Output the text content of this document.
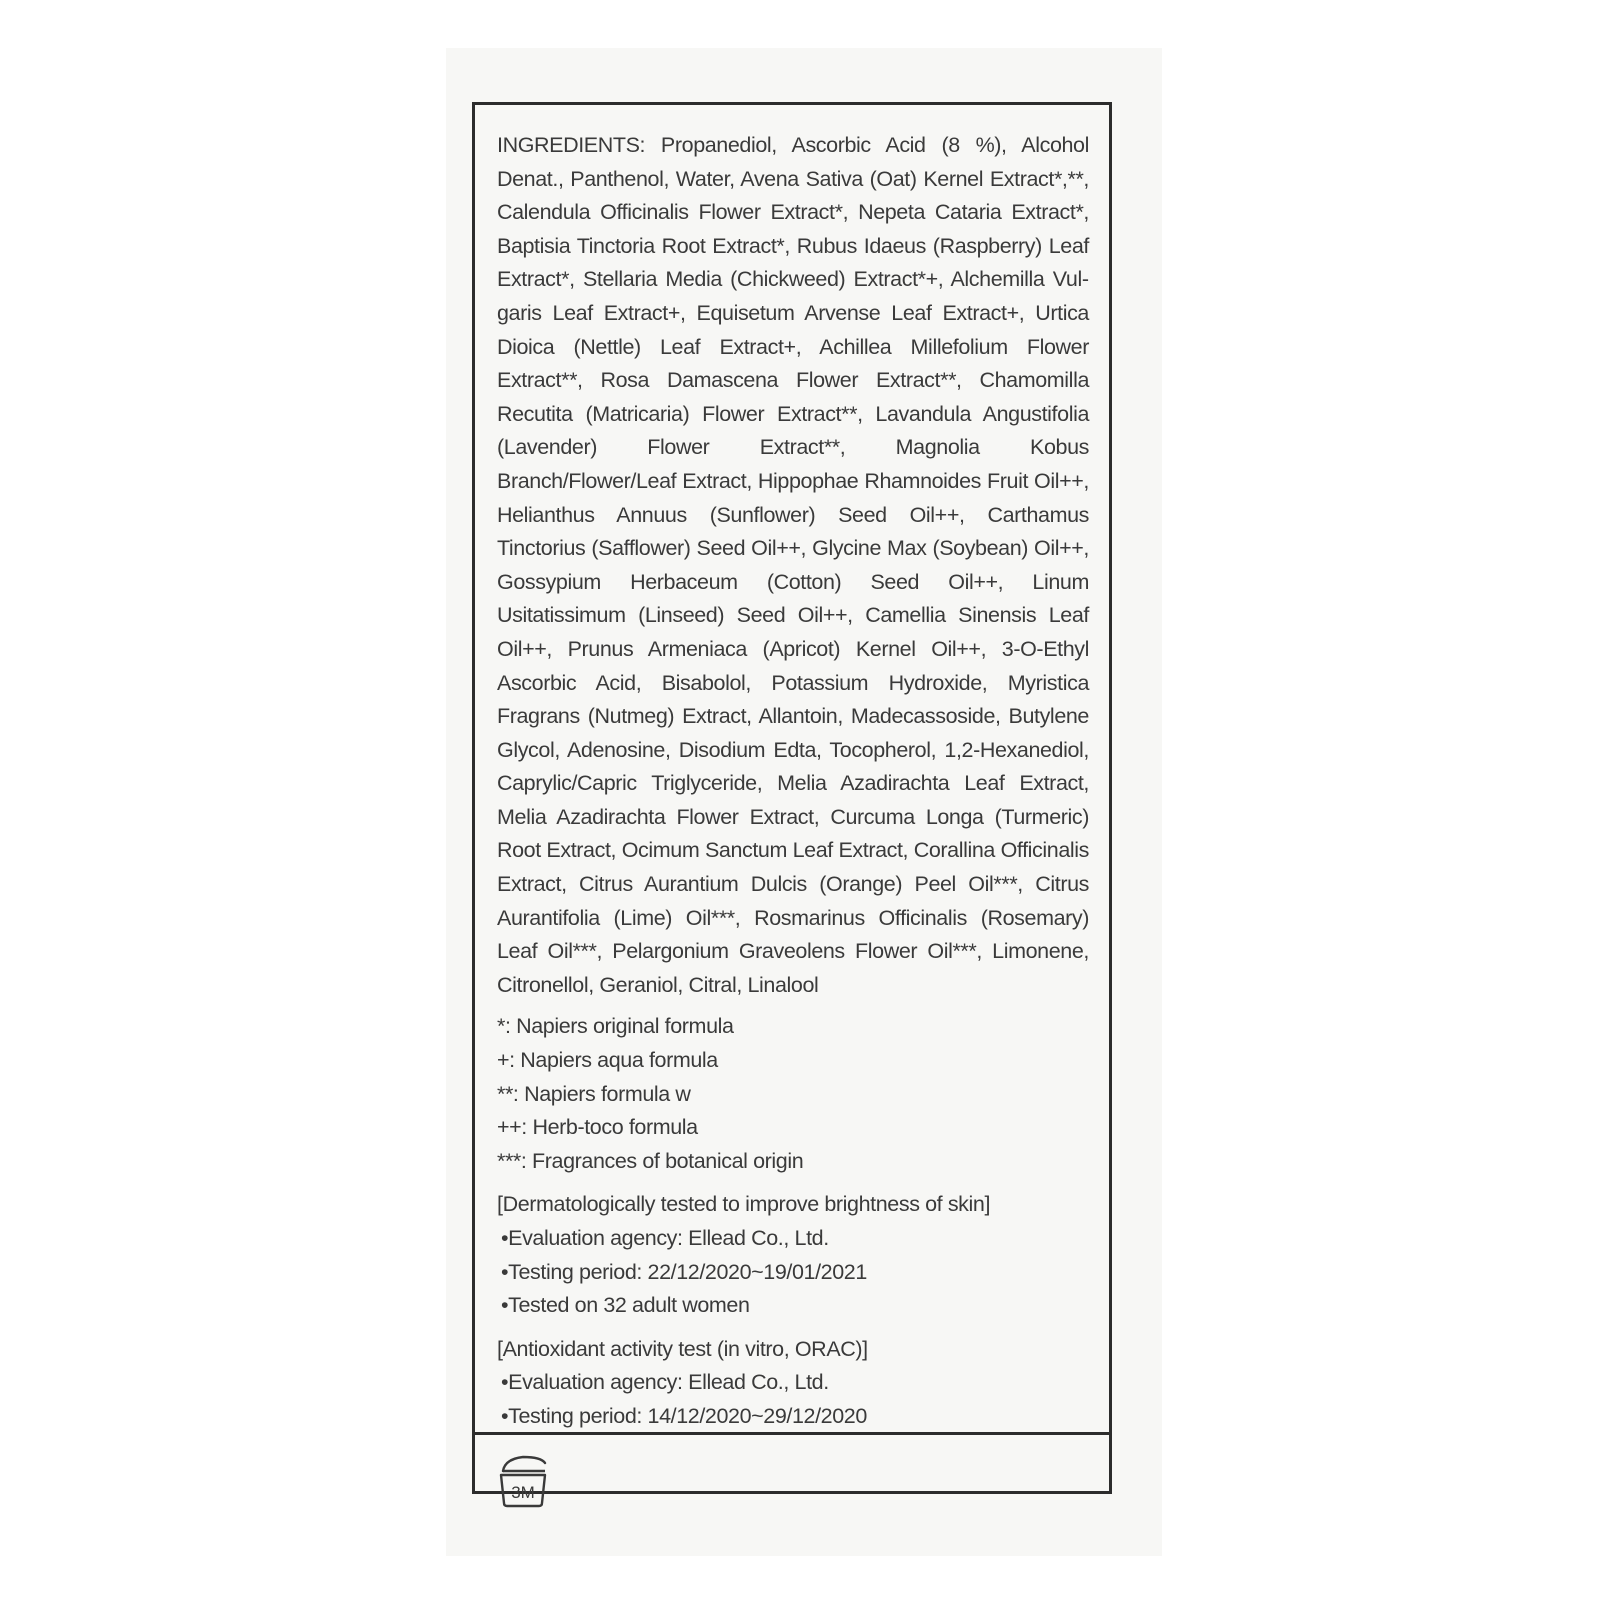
INGREDIENTS: Propanediol, Ascorbic Acid (8 %), Alcohol Denat., Panthenol, Water, Avena Sativa (Oat) Kernel Extract*,**, Calendula Officinalis Flower Extract*, Nepeta Cataria Extract*, Baptisia Tinctoria Root Extract*, Rubus Idaeus (Raspberry) Leaf Extract*, Stellaria Media (Chickweed) Extract*+, Alchemilla Vulgaris Leaf Extract+, Equisetum Arvense Leaf Extract+, Urtica Dioica (Nettle) Leaf Extract+, Achillea Millefolium Flower Extract**, Rosa Damascena Flower Extract**, Chamomilla Recutita (Matricaria) Flower Extract**, Lavandula Angustifolia (Lavender) Flower Extract**, Magnolia Kobus Branch/Flower/Leaf Extract, Hippophae Rhamnoides Fruit Oil++, Helianthus Annuus (Sunflower) Seed Oil++, Carthamus Tinctorius (Safflower) Seed Oil++, Glycine Max (Soybean) Oil++, Gossypium Herbaceum (Cotton) Seed Oil++, Linum Usitatissimum (Linseed) Seed Oil++, Camellia Sinensis Leaf Oil++, Prunus Armeniaca (Apricot) Kernel Oil++, 3-O-Ethyl Ascorbic Acid, Bisabolol, Potassium Hydroxide, Myristica Fragrans (Nutmeg) Extract, Allantoin, Madecassoside, Butylene Glycol, Adenosine, Disodium Edta, Tocopherol, 1,2-Hexanediol, Caprylic/Capric Triglyceride, Melia Azadirachta Leaf Extract, Melia Azadirachta Flower Extract, Curcuma Longa (Turmeric) Root Extract, Ocimum Sanctum Leaf Extract, Corallina Officinalis Extract, Citrus Aurantium Dulcis (Orange) Peel Oil***, Citrus Aurantifolia (Lime) Oil***, Rosmarinus Officinalis (Rosemary) Leaf Oil***, Pelargonium Graveolens Flower Oil***, Limonene, Citronellol, Geraniol, Citral, Linalool

*: Napiers original formula
+: Napiers aqua formula
**: Napiers formula w
++: Herb-toco formula
***: Fragrances of botanical origin
[Dermatologically tested to improve brightness of skin]
•Evaluation agency: Ellead Co., Ltd.
•Testing period: 22/12/2020~19/01/2021
•Tested on 32 adult women
[Antioxidant activity test (in vitro, ORAC)]
•Evaluation agency: Ellead Co., Ltd.
•Testing period: 14/12/2020~29/12/2020
3M
